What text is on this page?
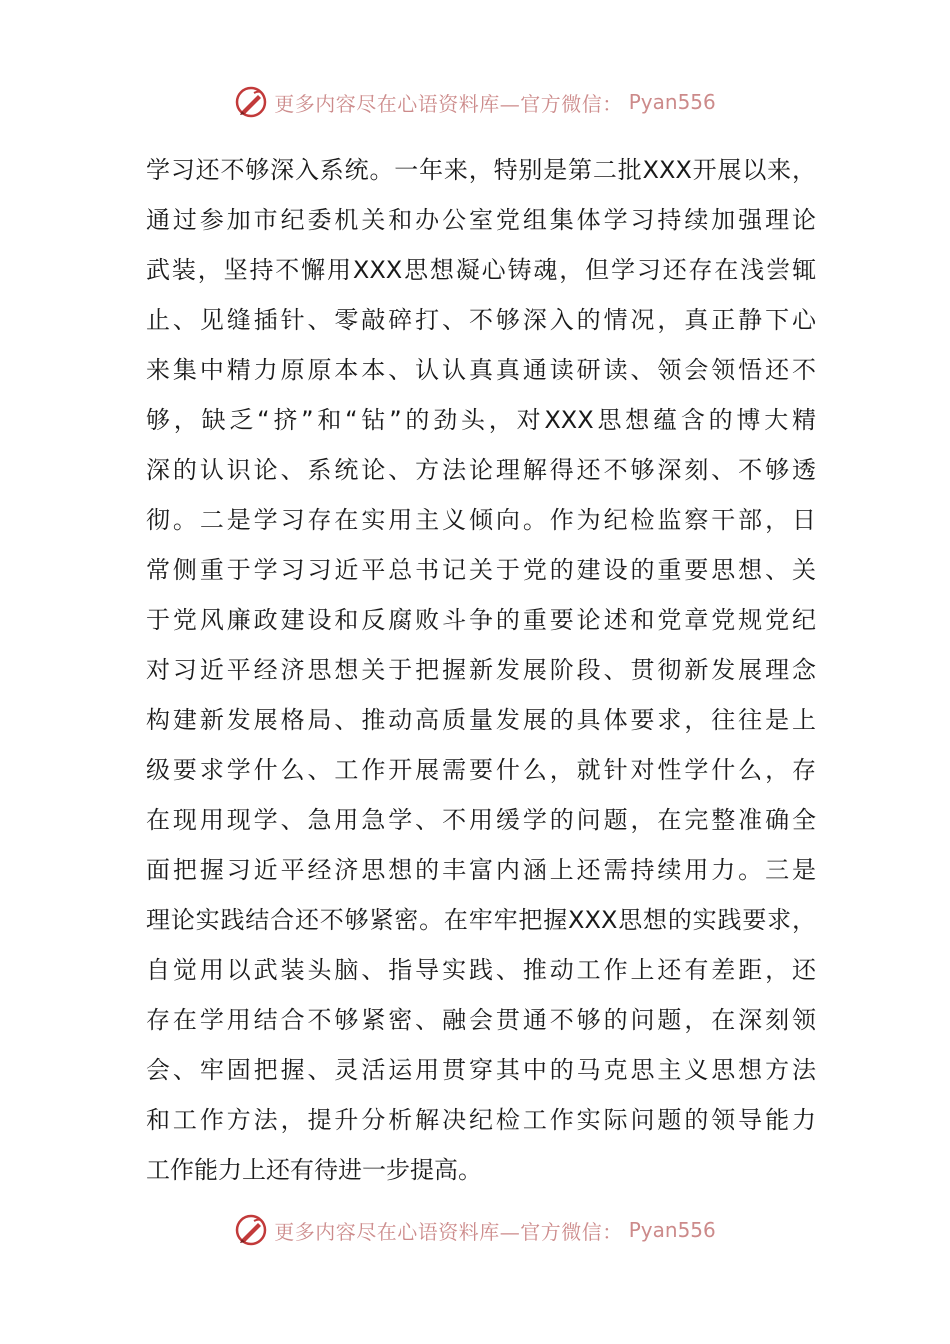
更多内容尽在心语资料库—官方微信： Pyan556
学习还不够深入系统。一年来，特别是第二批XXX开展以来，
通过参加市纪委机关和办公室党组集体学习持续加强理论
武装，坚持不懈用XXX思想凝心铸魂，但学习还存在浅尝辄
止、见缝插针、零敲碎打、不够深入的情况，真正静下心
来集中精力原原本本、认认真真通读研读、领会领悟还不
够，缺乏“挤”和“钻”的劲头，对XXX思想蕴含的博大精
深的认识论、系统论、方法论理解得还不够深刻、不够透
彻。二是学习存在实用主义倾向。作为纪检监察干部，日
常侧重于学习习近平总书记关于党的建设的重要思想、关
于党风廉政建设和反腐败斗争的重要论述和党章党规党纪
对习近平经济思想关于把握新发展阶段、贯彻新发展理念
构建新发展格局、推动高质量发展的具体要求，往往是上
级要求学什么、工作开展需要什么，就针对性学什么，存
在现用现学、急用急学、不用缓学的问题，在完整准确全
面把握习近平经济思想的丰富内涵上还需持续用力。三是
理论实践结合还不够紧密。在牢牢把握XXX思想的实践要求，
自觉用以武装头脑、指导实践、推动工作上还有差距，还
存在学用结合不够紧密、融会贯通不够的问题，在深刻领
会、牢固把握、灵活运用贯穿其中的马克思主义思想方法
和工作方法，提升分析解决纪检工作实际问题的领导能力
工作能力上还有待进一步提高。
更多内容尽在心语资料库—官方微信： Pyan556
